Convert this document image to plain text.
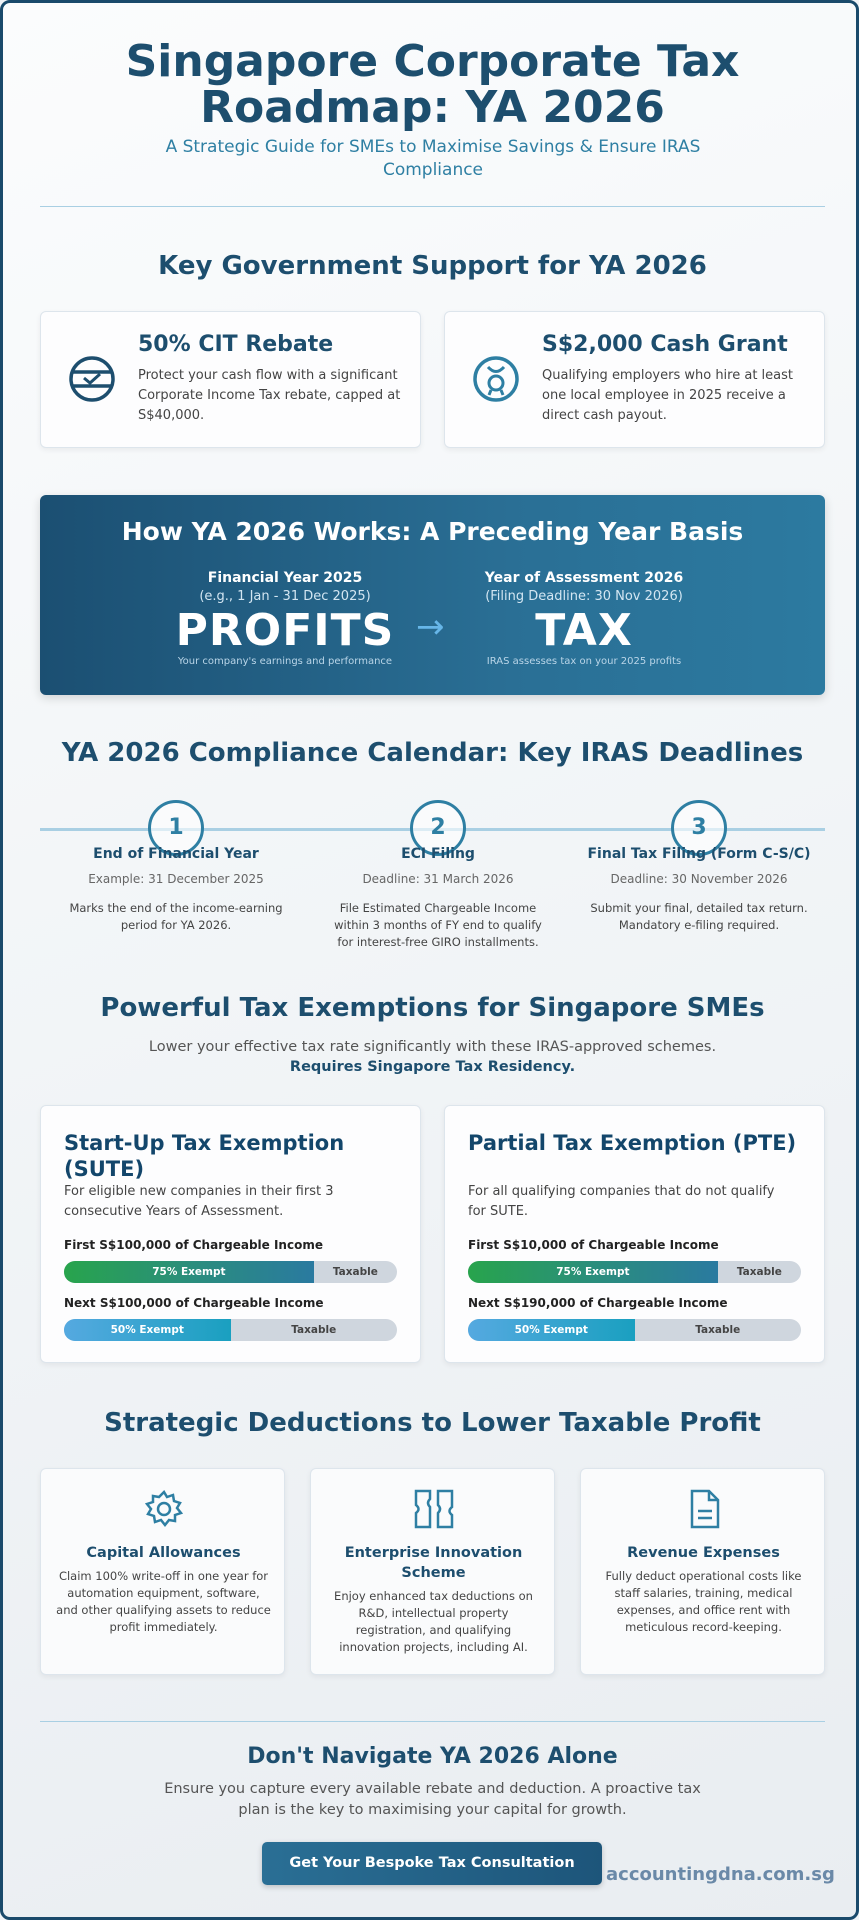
Singapore Corporate Tax
Roadmap: YA 2026
A Strategic Guide for SMEs to Maximise Savings & Ensure IRAS Compliance
Key Government Support for YA 2026
50% CIT Rebate
Protect your cash flow with a significant Corporate Income Tax rebate, capped at S$40,000.
S$2,000 Cash Grant
Qualifying employers who hire at least one local employee in 2025 receive a direct cash payout.
How YA 2026 Works: A Preceding Year Basis
Financial Year 2025
(e.g., 1 Jan - 31 Dec 2025)
PROFITS
Your company's earnings and performance
→
Year of Assessment 2026
(Filing Deadline: 30 Nov 2026)
TAX
IRAS assesses tax on your 2025 profits
YA 2026 Compliance Calendar: Key IRAS Deadlines
1
End of Financial Year
Example: 31 December 2025
Marks the end of the income-earning period for YA 2026.
2
ECI Filing
Deadline: 31 March 2026
File Estimated Chargeable Income within 3 months of FY end to qualify for interest-free GIRO installments.
3
Final Tax Filing (Form C-S/C)
Deadline: 30 November 2026
Submit your final, detailed tax return. Mandatory e-filing required.
Powerful Tax Exemptions for Singapore SMEs
Lower your effective tax rate significantly with these IRAS-approved schemes.
Requires Singapore Tax Residency.
Start-Up Tax Exemption (SUTE)
For eligible new companies in their first 3 consecutive Years of Assessment.
First S$100,000 of Chargeable Income
75% Exempt	Taxable
Next S$100,000 of Chargeable Income
50% Exempt	Taxable
Partial Tax Exemption (PTE)
For all qualifying companies that do not qualify for SUTE.
First S$10,000 of Chargeable Income
75% Exempt	Taxable
Next S$190,000 of Chargeable Income
50% Exempt	Taxable
Strategic Deductions to Lower Taxable Profit
Capital Allowances
Claim 100% write-off in one year for automation equipment, software, and other qualifying assets to reduce profit immediately.
Enterprise Innovation Scheme
Enjoy enhanced tax deductions on R&D, intellectual property registration, and qualifying innovation projects, including AI.
Revenue Expenses
Fully deduct operational costs like staff salaries, training, medical expenses, and office rent with meticulous record-keeping.
Don't Navigate YA 2026 Alone
Ensure you capture every available rebate and deduction. A proactive tax plan is the key to maximising your capital for growth.
Get Your Bespoke Tax Consultation
accountingdna.com.sg
